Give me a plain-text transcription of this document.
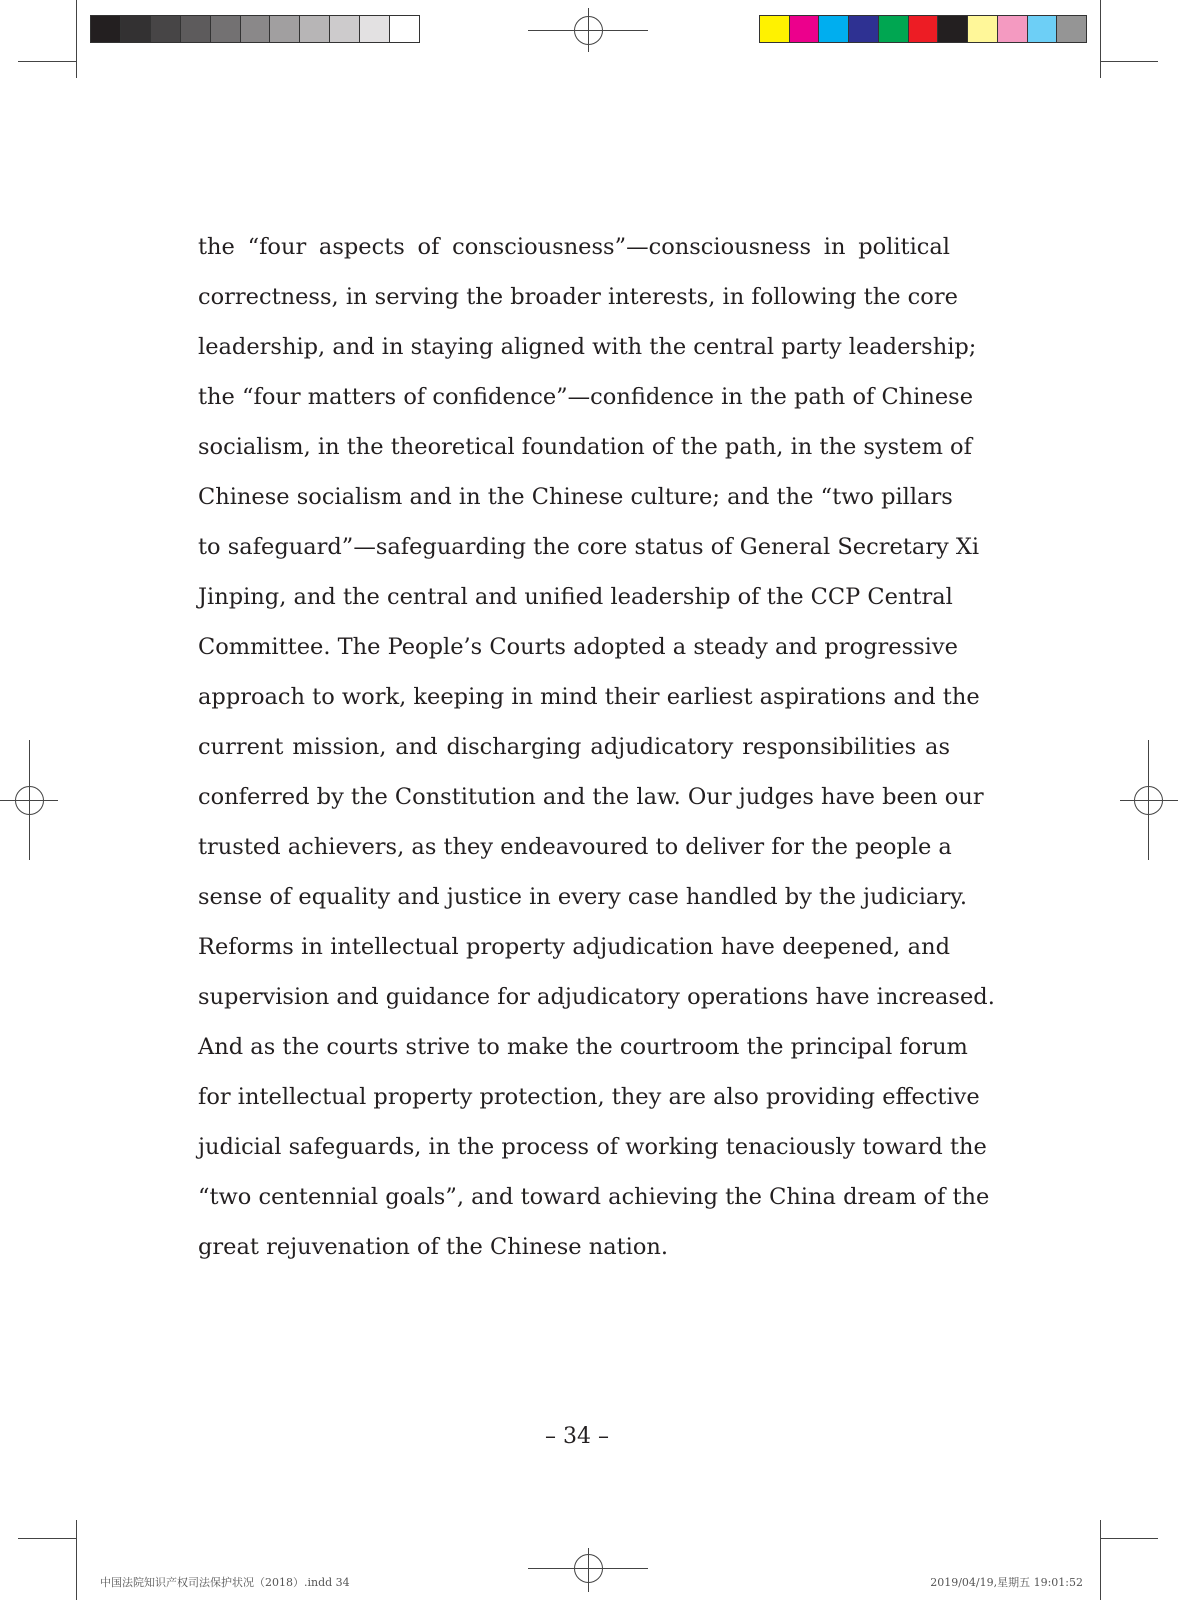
the “four aspects of consciousness”—consciousness in political
correctness, in serving the broader interests, in following the core
leadership, and in staying aligned with the central party leadership;
the “four matters of confidence”—confidence in the path of Chinese
socialism, in the theoretical foundation of the path, in the system of
Chinese socialism and in the Chinese culture; and the “two pillars
to safeguard”—safeguarding the core status of General Secretary Xi
Jinping, and the central and unified leadership of the CCP Central
Committee. The People’s Courts adopted a steady and progressive
approach to work, keeping in mind their earliest aspirations and the
current mission, and discharging adjudicatory responsibilities as
conferred by the Constitution and the law. Our judges have been our
trusted achievers, as they endeavoured to deliver for the people a
sense of equality and justice in every case handled by the judiciary.
Reforms in intellectual property adjudication have deepened, and
supervision and guidance for adjudicatory operations have increased.
And as the courts strive to make the courtroom the principal forum
for intellectual property protection, they are also providing effective
judicial safeguards, in the process of working tenaciously toward the
“two centennial goals”, and toward achieving the China dream of the
great rejuvenation of the Chinese nation.

– 34 –
中国法院知识产权司法保护状况（2018）.indd 34	2019/04/19,星期五 19:01:52
